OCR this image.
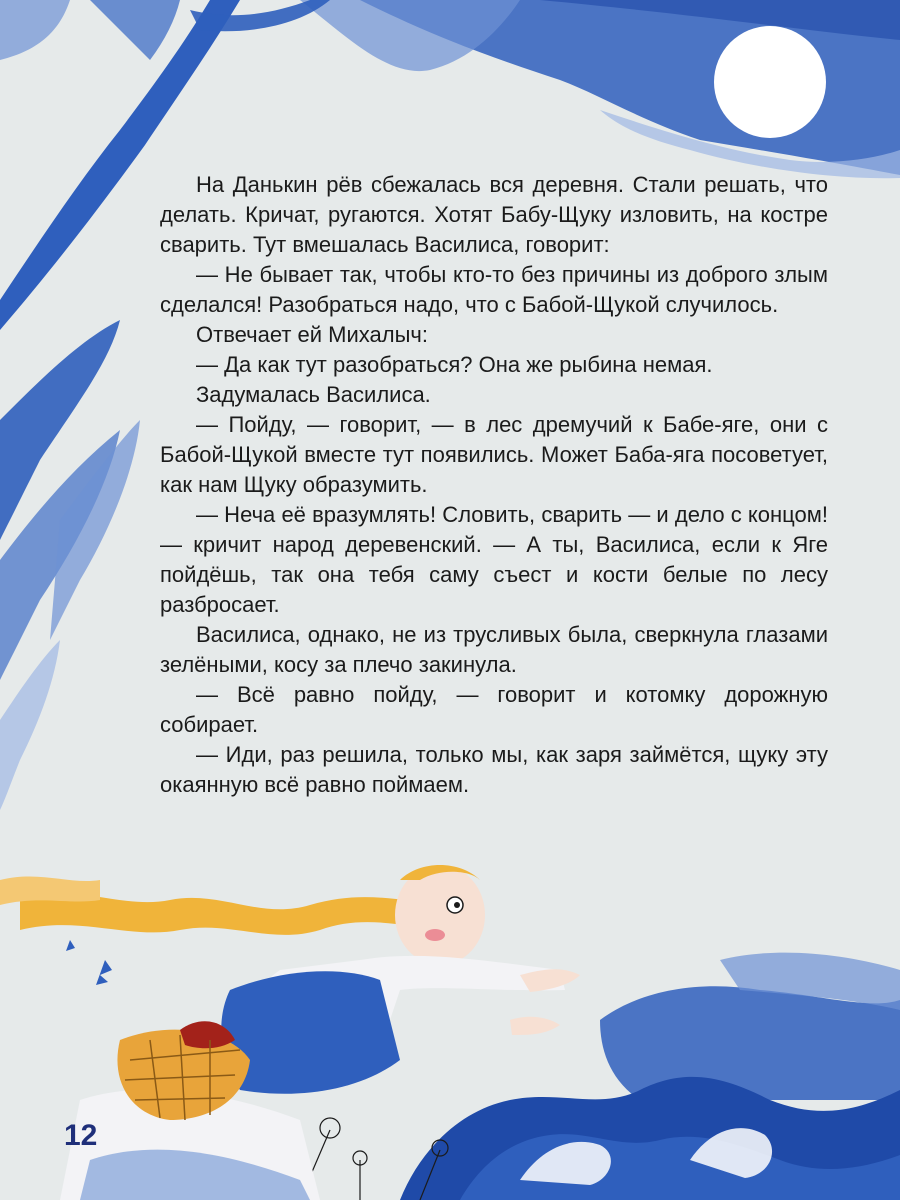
На Данькин рёв сбежалась вся деревня. Стали решать, что делать. Кричат, ругаются. Хотят Бабу-Щуку изловить, на костре сварить. Тут вмешалась Василиса, говорит:

— Не бывает так, чтобы кто-то без причины из доброго злым сделался! Разобраться надо, что с Бабой-Щукой случилось.

Отвечает ей Михалыч:

— Да как тут разобраться? Она же рыбина немая.

Задумалась Василиса.

— Пойду, — говорит, — в лес дремучий к Бабе-яге, они с Бабой-Щукой вместе тут появились. Может Баба-яга посоветует, как нам Щуку образумить.

— Неча её вразумлять! Словить, сварить — и дело с концом! — кричит народ деревенский. — А ты, Василиса, если к Яге пойдёшь, так она тебя саму съест и кости белые по лесу разбросает.

Василиса, однако, не из трусливых была, сверкнула глазами зелёными, косу за плечо закинула.

— Всё равно пойду, — говорит и котомку дорожную собирает.

— Иди, раз решила, только мы, как заря займётся, щуку эту окаянную всё равно поймаем.

12
